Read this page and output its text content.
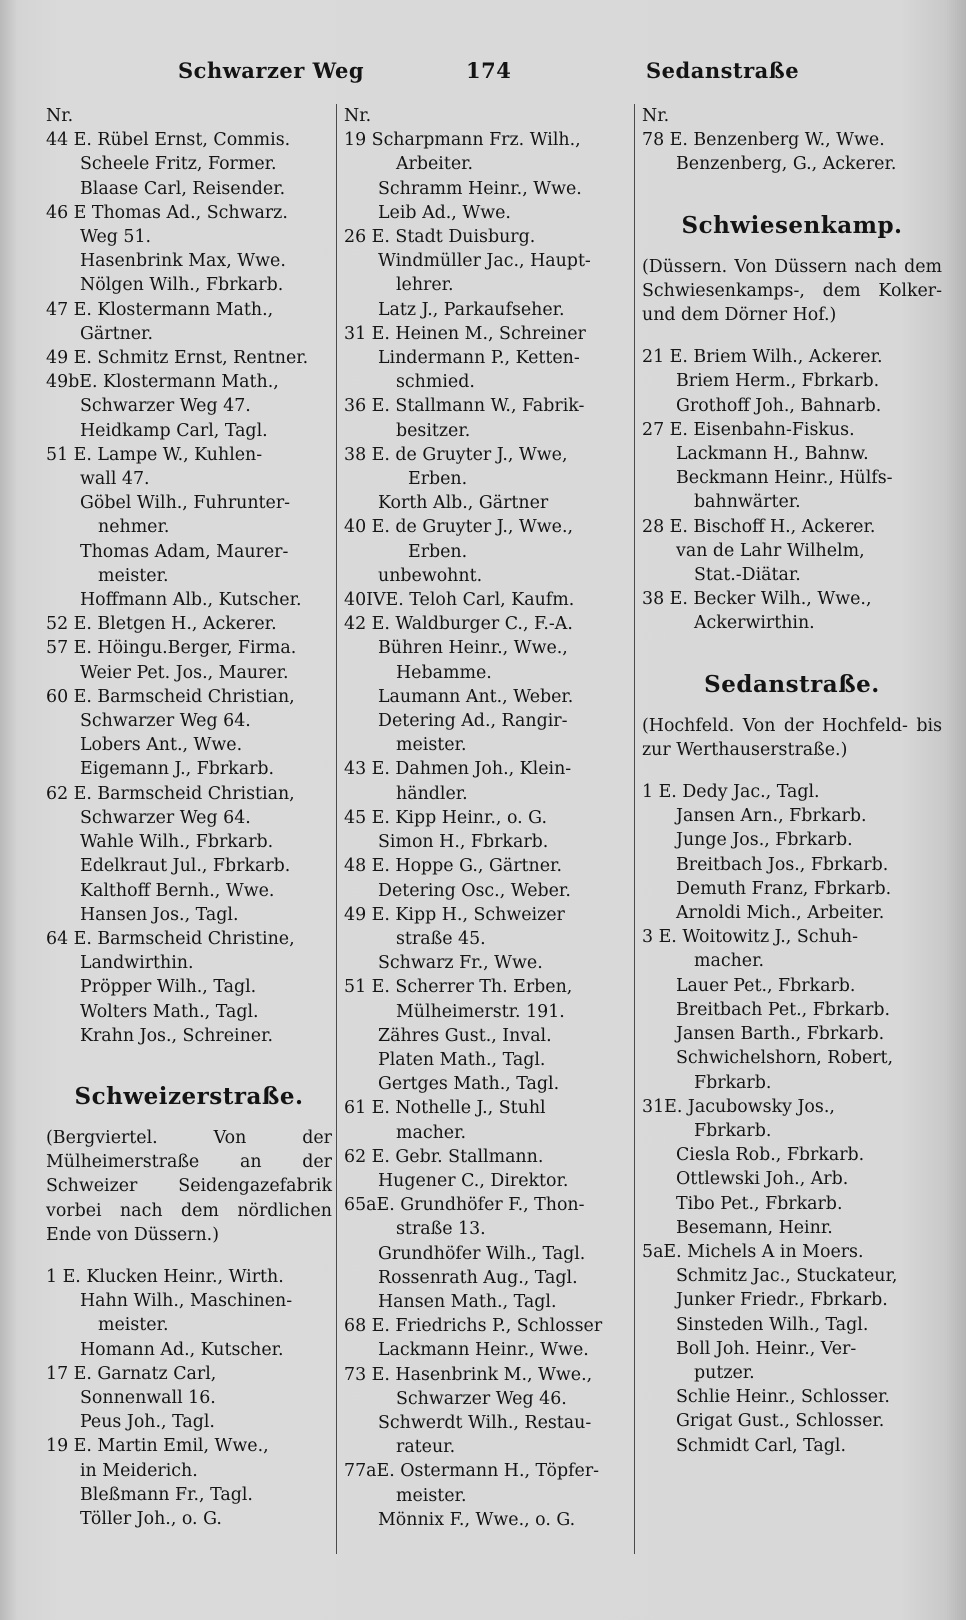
Schwarzer Weg	174	Sedanstraße
Nr.
44 E. Rübel Ernst, Commis.
Scheele Fritz, Former.
Blaase Carl, Reisender.
46 E Thomas Ad., Schwarz.
Weg 51.
Hasenbrink Max, Wwe.
Nölgen Wilh., Fbrkarb.
47 E. Klostermann Math.,
Gärtner.
49 E. Schmitz Ernst, Rentner.
49bE. Klostermann Math.,
Schwarzer Weg 47.
Heidkamp Carl, Tagl.
51 E. Lampe W., Kuhlen-
wall 47.
Göbel Wilh., Fuhrunter-
nehmer.
Thomas Adam, Maurer-
meister.
Hoffmann Alb., Kutscher.
52 E. Bletgen H., Ackerer.
57 E. Höingu.Berger, Firma.
Weier Pet. Jos., Maurer.
60 E. Barmscheid Christian,
Schwarzer Weg 64.
Lobers Ant., Wwe.
Eigemann J., Fbrkarb.
62 E. Barmscheid Christian,
Schwarzer Weg 64.
Wahle Wilh., Fbrkarb.
Edelkraut Jul., Fbrkarb.
Kalthoff Bernh., Wwe.
Hansen Jos., Tagl.
64 E. Barmscheid Christine,
Landwirthin.
Pröpper Wilh., Tagl.
Wolters Math., Tagl.
Krahn Jos., Schreiner.
Schweizerstraße.
(Bergviertel. Von der Mülheimerstraße an der Schweizer Seidengazefabrik vorbei nach dem nördlichen Ende von Düssern.)
1 E. Klucken Heinr., Wirth.
Hahn Wilh., Maschinen-
meister.
Homann Ad., Kutscher.
17 E. Garnatz Carl,
Sonnenwall 16.
Peus Joh., Tagl.
19 E. Martin Emil, Wwe.,
in Meiderich.
Bleßmann Fr., Tagl.
Töller Joh., o. G.
Nr.
19 Scharpmann Frz. Wilh.,
Arbeiter.
Schramm Heinr., Wwe.
Leib Ad., Wwe.
26 E. Stadt Duisburg.
Windmüller Jac., Haupt-
lehrer.
Latz J., Parkaufseher.
31 E. Heinen M., Schreiner
Lindermann P., Ketten-
schmied.
36 E. Stallmann W., Fabrik-
besitzer.
38 E. de Gruyter J., Wwe,
Erben.
Korth Alb., Gärtner
40 E. de Gruyter J., Wwe.,
Erben.
unbewohnt.
40IVE. Teloh Carl, Kaufm.
42 E. Waldburger C., F.-A.
Bühren Heinr., Wwe.,
Hebamme.
Laumann Ant., Weber.
Detering Ad., Rangir-
meister.
43 E. Dahmen Joh., Klein-
händler.
45 E. Kipp Heinr., o. G.
Simon H., Fbrkarb.
48 E. Hoppe G., Gärtner.
Detering Osc., Weber.
49 E. Kipp H., Schweizer
straße 45.
Schwarz Fr., Wwe.
51 E. Scherrer Th. Erben,
Mülheimerstr. 191.
Zähres Gust., Inval.
Platen Math., Tagl.
Gertges Math., Tagl.
61 E. Nothelle J., Stuhl
macher.
62 E. Gebr. Stallmann.
Hugener C., Direktor.
65aE. Grundhöfer F., Thon-
straße 13.
Grundhöfer Wilh., Tagl.
Rossenrath Aug., Tagl.
Hansen Math., Tagl.
68 E. Friedrichs P., Schlosser
Lackmann Heinr., Wwe.
73 E. Hasenbrink M., Wwe.,
Schwarzer Weg 46.
Schwerdt Wilh., Restau-
rateur.
77aE. Ostermann H., Töpfer-
meister.
Mönnix F., Wwe., o. G.
Nr.
78 E. Benzenberg W., Wwe.
Benzenberg, G., Ackerer.
Schwiesenkamp.
(Düssern. Von Düssern nach dem Schwiesenkamps-, dem Kolker- und dem Dörner Hof.)
21 E. Briem Wilh., Ackerer.
Briem Herm., Fbrkarb.
Grothoff Joh., Bahnarb.
27 E. Eisenbahn-Fiskus.
Lackmann H., Bahnw.
Beckmann Heinr., Hülfs-
bahnwärter.
28 E. Bischoff H., Ackerer.
van de Lahr Wilhelm,
Stat.-Diätar.
38 E. Becker Wilh., Wwe.,
Ackerwirthin.
Sedanstraße.
(Hochfeld. Von der Hochfeld- bis zur Werthauserstraße.)
1 E. Dedy Jac., Tagl.
Jansen Arn., Fbrkarb.
Junge Jos., Fbrkarb.
Breitbach Jos., Fbrkarb.
Demuth Franz, Fbrkarb.
Arnoldi Mich., Arbeiter.
3 E. Woitowitz J., Schuh-
macher.
Lauer Pet., Fbrkarb.
Breitbach Pet., Fbrkarb.
Jansen Barth., Fbrkarb.
Schwichelshorn, Robert,
Fbrkarb.
31E. Jacubowsky Jos.,
Fbrkarb.
Ciesla Rob., Fbrkarb.
Ottlewski Joh., Arb.
Tibo Pet., Fbrkarb.
Besemann, Heinr.
5aE. Michels A in Moers.
Schmitz Jac., Stuckateur,
Junker Friedr., Fbrkarb.
Sinsteden Wilh., Tagl.
Boll Joh. Heinr., Ver-
putzer.
Schlie Heinr., Schlosser.
Grigat Gust., Schlosser.
Schmidt Carl, Tagl.
